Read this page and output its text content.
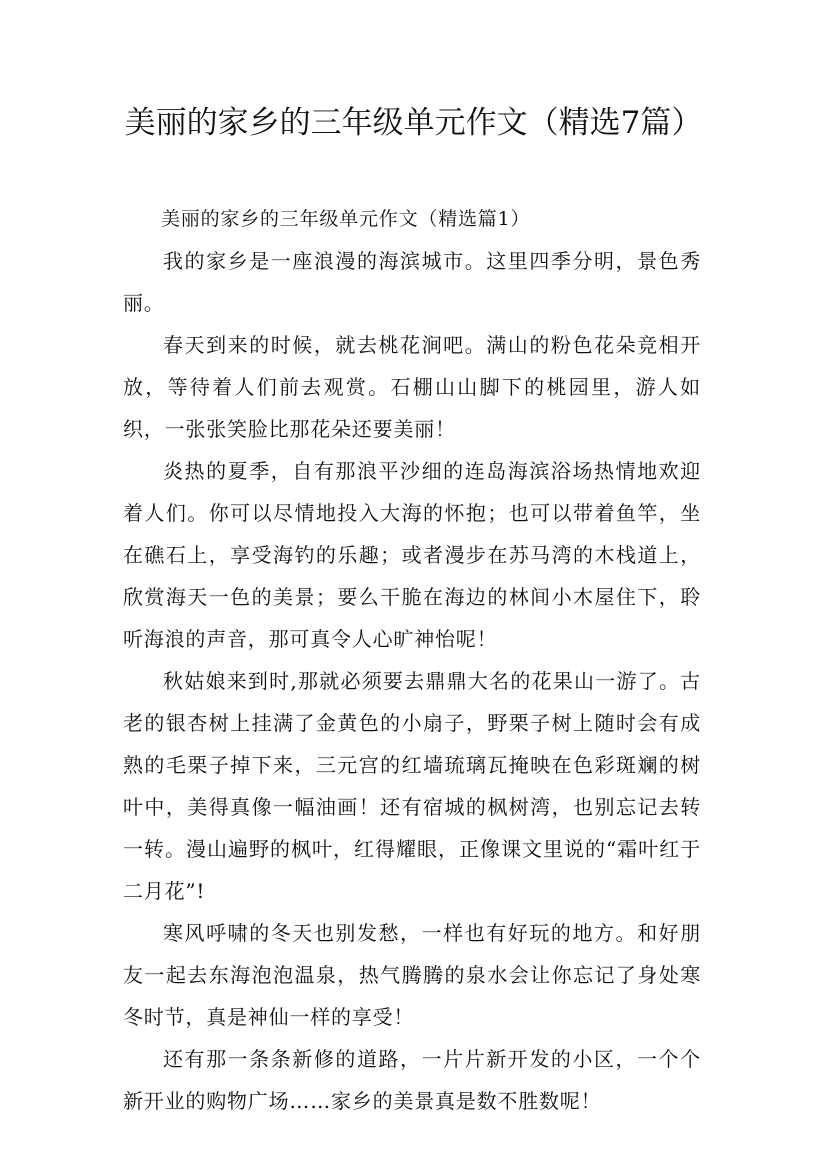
美丽的家乡的三年级单元作文（精选7篇）

美丽的家乡的三年级单元作文（精选篇1）

我的家乡是一座浪漫的海滨城市。这里四季分明，景色秀丽。

春天到来的时候，就去桃花涧吧。满山的粉色花朵竞相开放，等待着人们前去观赏。石棚山山脚下的桃园里，游人如织，一张张笑脸比那花朵还要美丽！

炎热的夏季，自有那浪平沙细的连岛海滨浴场热情地欢迎着人们。你可以尽情地投入大海的怀抱；也可以带着鱼竿，坐在礁石上，享受海钓的乐趣；或者漫步在苏马湾的木栈道上，欣赏海天一色的美景；要么干脆在海边的林间小木屋住下，聆听海浪的声音，那可真令人心旷神怡呢！

秋姑娘来到时,那就必须要去鼎鼎大名的花果山一游了。古老的银杏树上挂满了金黄色的小扇子，野栗子树上随时会有成熟的毛栗子掉下来，三元宫的红墙琉璃瓦掩映在色彩斑斓的树叶中，美得真像一幅油画！还有宿城的枫树湾，也别忘记去转一转。漫山遍野的枫叶，红得耀眼，正像课文里说的“霜叶红于二月花”!

寒风呼啸的冬天也别发愁，一样也有好玩的地方。和好朋友一起去东海泡泡温泉，热气腾腾的泉水会让你忘记了身处寒冬时节，真是神仙一样的享受！

还有那一条条新修的道路，一片片新开发的小区，一个个新开业的购物广场……家乡的美景真是数不胜数呢！
